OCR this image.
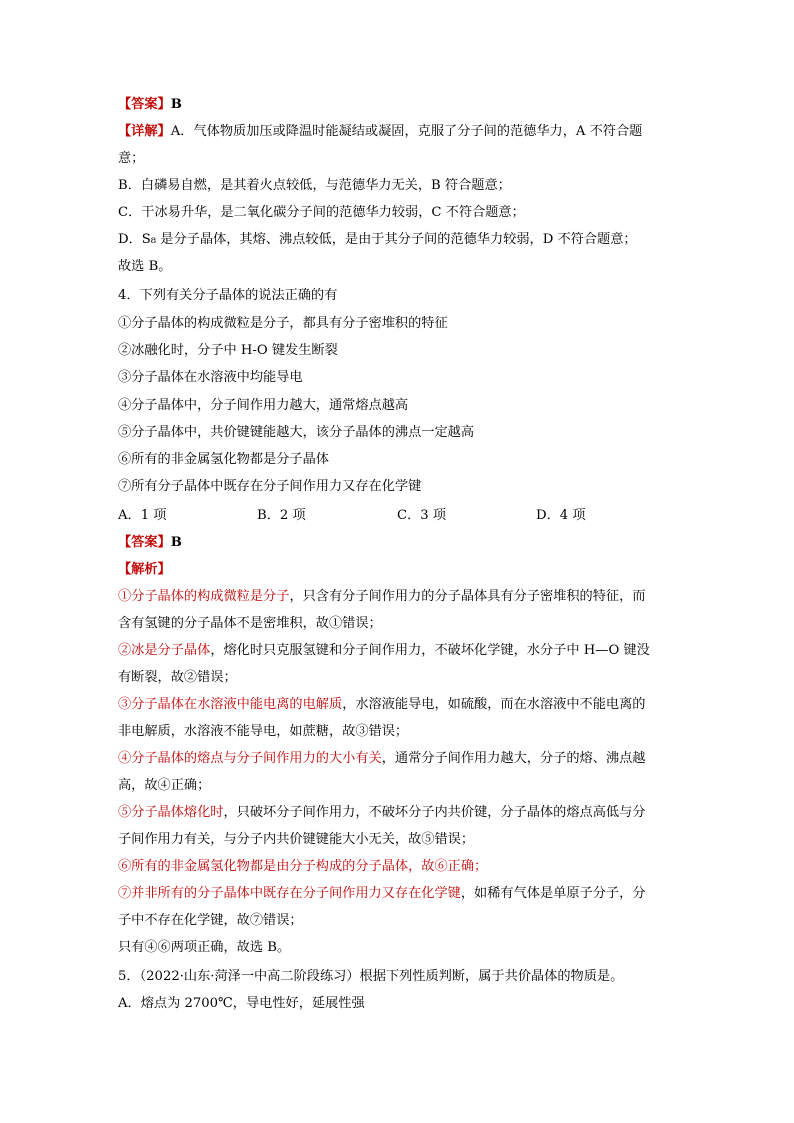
【答案】B
【详解】A．气体物质加压或降温时能凝结或凝固，克服了分子间的范德华力，A 不符合题
意；
B．白磷易自燃，是其着火点较低，与范德华力无关，B 符合题意；
C．干冰易升华，是二氧化碳分子间的范德华力较弱，C 不符合题意；
D．S₈ 是分子晶体，其熔、沸点较低，是由于其分子间的范德华力较弱，D 不符合题意；
故选 B。
4．下列有关分子晶体的说法正确的有
①分子晶体的构成微粒是分子，都具有分子密堆积的特征
②冰融化时，分子中 H-O 键发生断裂
③分子晶体在水溶液中均能导电
④分子晶体中，分子间作用力越大，通常熔点越高
⑤分子晶体中，共价键键能越大，该分子晶体的沸点一定越高
⑥所有的非金属氢化物都是分子晶体
⑦所有分子晶体中既存在分子间作用力又存在化学键
A．1 项	B．2 项	C．3 项	D．4 项
【答案】B
【解析】
①分子晶体的构成微粒是分子，只含有分子间作用力的分子晶体具有分子密堆积的特征，而
含有氢键的分子晶体不是密堆积，故①错误；
②冰是分子晶体，熔化时只克服氢键和分子间作用力，不破坏化学键，水分子中 H—O 键没
有断裂，故②错误；
③分子晶体在水溶液中能电离的电解质，水溶液能导电，如硫酸，而在水溶液中不能电离的
非电解质，水溶液不能导电，如蔗糖，故③错误；
④分子晶体的熔点与分子间作用力的大小有关，通常分子间作用力越大，分子的熔、沸点越
高，故④正确；
⑤分子晶体熔化时，只破坏分子间作用力，不破坏分子内共价键，分子晶体的熔点高低与分
子间作用力有关，与分子内共价键键能大小无关，故⑤错误；
⑥所有的非金属氢化物都是由分子构成的分子晶体，故⑥正确；
⑦并非所有的分子晶体中既存在分子间作用力又存在化学键，如稀有气体是单原子分子，分
子中不存在化学键，故⑦错误；
只有④⑥两项正确，故选 B。
5．（2022·山东·菏泽一中高二阶段练习）根据下列性质判断，属于共价晶体的物质是。
A．熔点为 2700℃，导电性好，延展性强
